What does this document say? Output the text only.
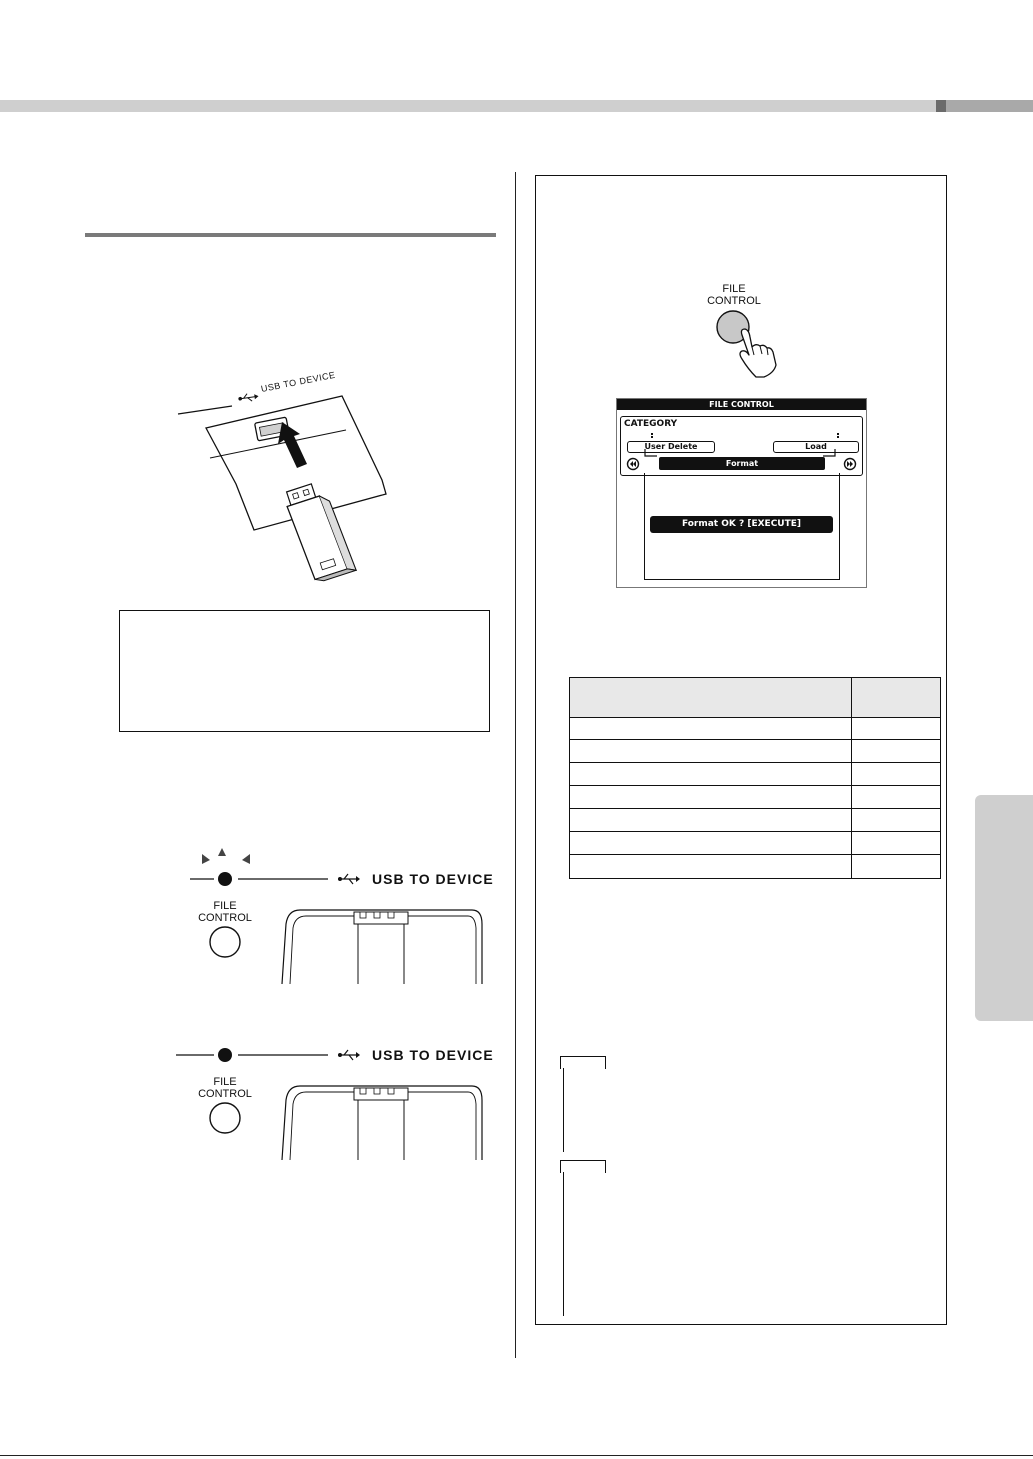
USB TO DEVICE
USB TO DEVICE
FILE
CONTROL
USB TO DEVICE
FILE
CONTROL
FILE
CONTROL
FILE CONTROL
CATEGORY
User Delete	Load
Format
Format OK ? [EXECUTE]
